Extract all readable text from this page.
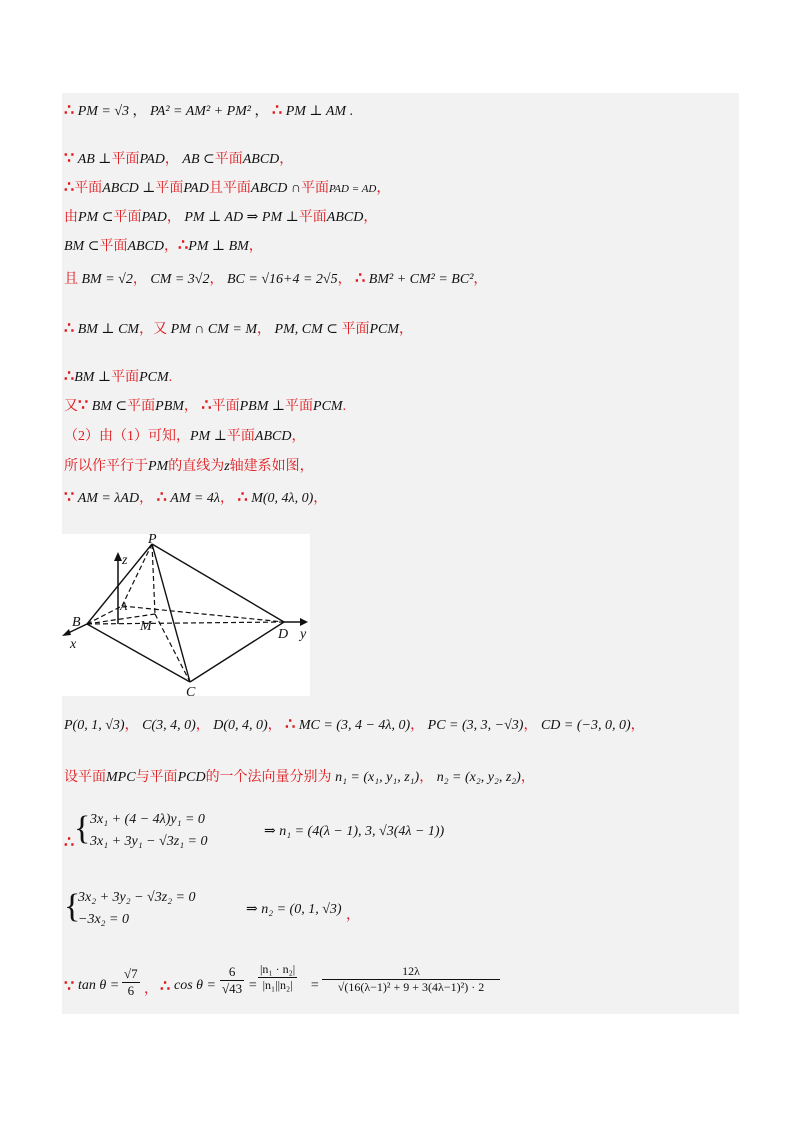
∴ PM = √3 ， PA² = AM² + PM² ， ∴ PM ⊥ AM .
∵ AB ⊥平面PAD， AB ⊂平面ABCD，
∴平面ABCD ⊥平面PAD且平面ABCD ∩平面PAD = AD，
由PM ⊂平面PAD， PM ⊥ AD ⇒ PM ⊥平面ABCD，
BM ⊂平面ABCD，∴PM ⊥ BM，
且 BM = √2， CM = 3√2， BC = √16+4 = 2√5， ∴ BM² + CM² = BC²，
∴ BM ⊥ CM，又 PM ∩ CM = M， PM, CM ⊂ 平面PCM，
∴BM ⊥平面PCM.
又∵ BM ⊂平面PBM， ∴平面PBM ⊥平面PCM.
（2）由（1）可知，PM ⊥平面ABCD，
所以作平行于PM的直线为z轴建系如图，
∵ AM = λAD， ∴ AM = 4λ， ∴ M(0, 4λ, 0)，
P
z
A
B	M
D y
x
C
P(0, 1, √3)， C(3, 4, 0)， D(0, 4, 0)， ∴ MC = (3, 4 − 4λ, 0)， PC = (3, 3, −√3)， CD = (−3, 0, 0)，
设平面MPC与平面PCD的一个法向量分别为 n₁ = (x₁, y₁, z₁)， n₂ = (x₂, y₂, z₂)，
∴ { 3x₁ + (4 − 4λ)y₁ = 0
3x₁ + 3y₁ − √3z₁ = 0
⇒ n₁ = (4(λ − 1), 3, √3(4λ − 1))
{
3x₂ + 3y₂ − √3z₂ = 0
−3x₂ = 0
⇒ n₂ = (0, 1, √3) ，
∵ $\tan \theta = \frac{√7}{6}$ ， ∴ $\cos \theta = \frac{6}{√43} = \frac{\text{|n₁ · n₂|}}{\text{|n₁||n₂|}} = \frac{12\lambda}{\text{√(16(λ−1)² + 9 + 3(4λ−1)²) · 2}}$
